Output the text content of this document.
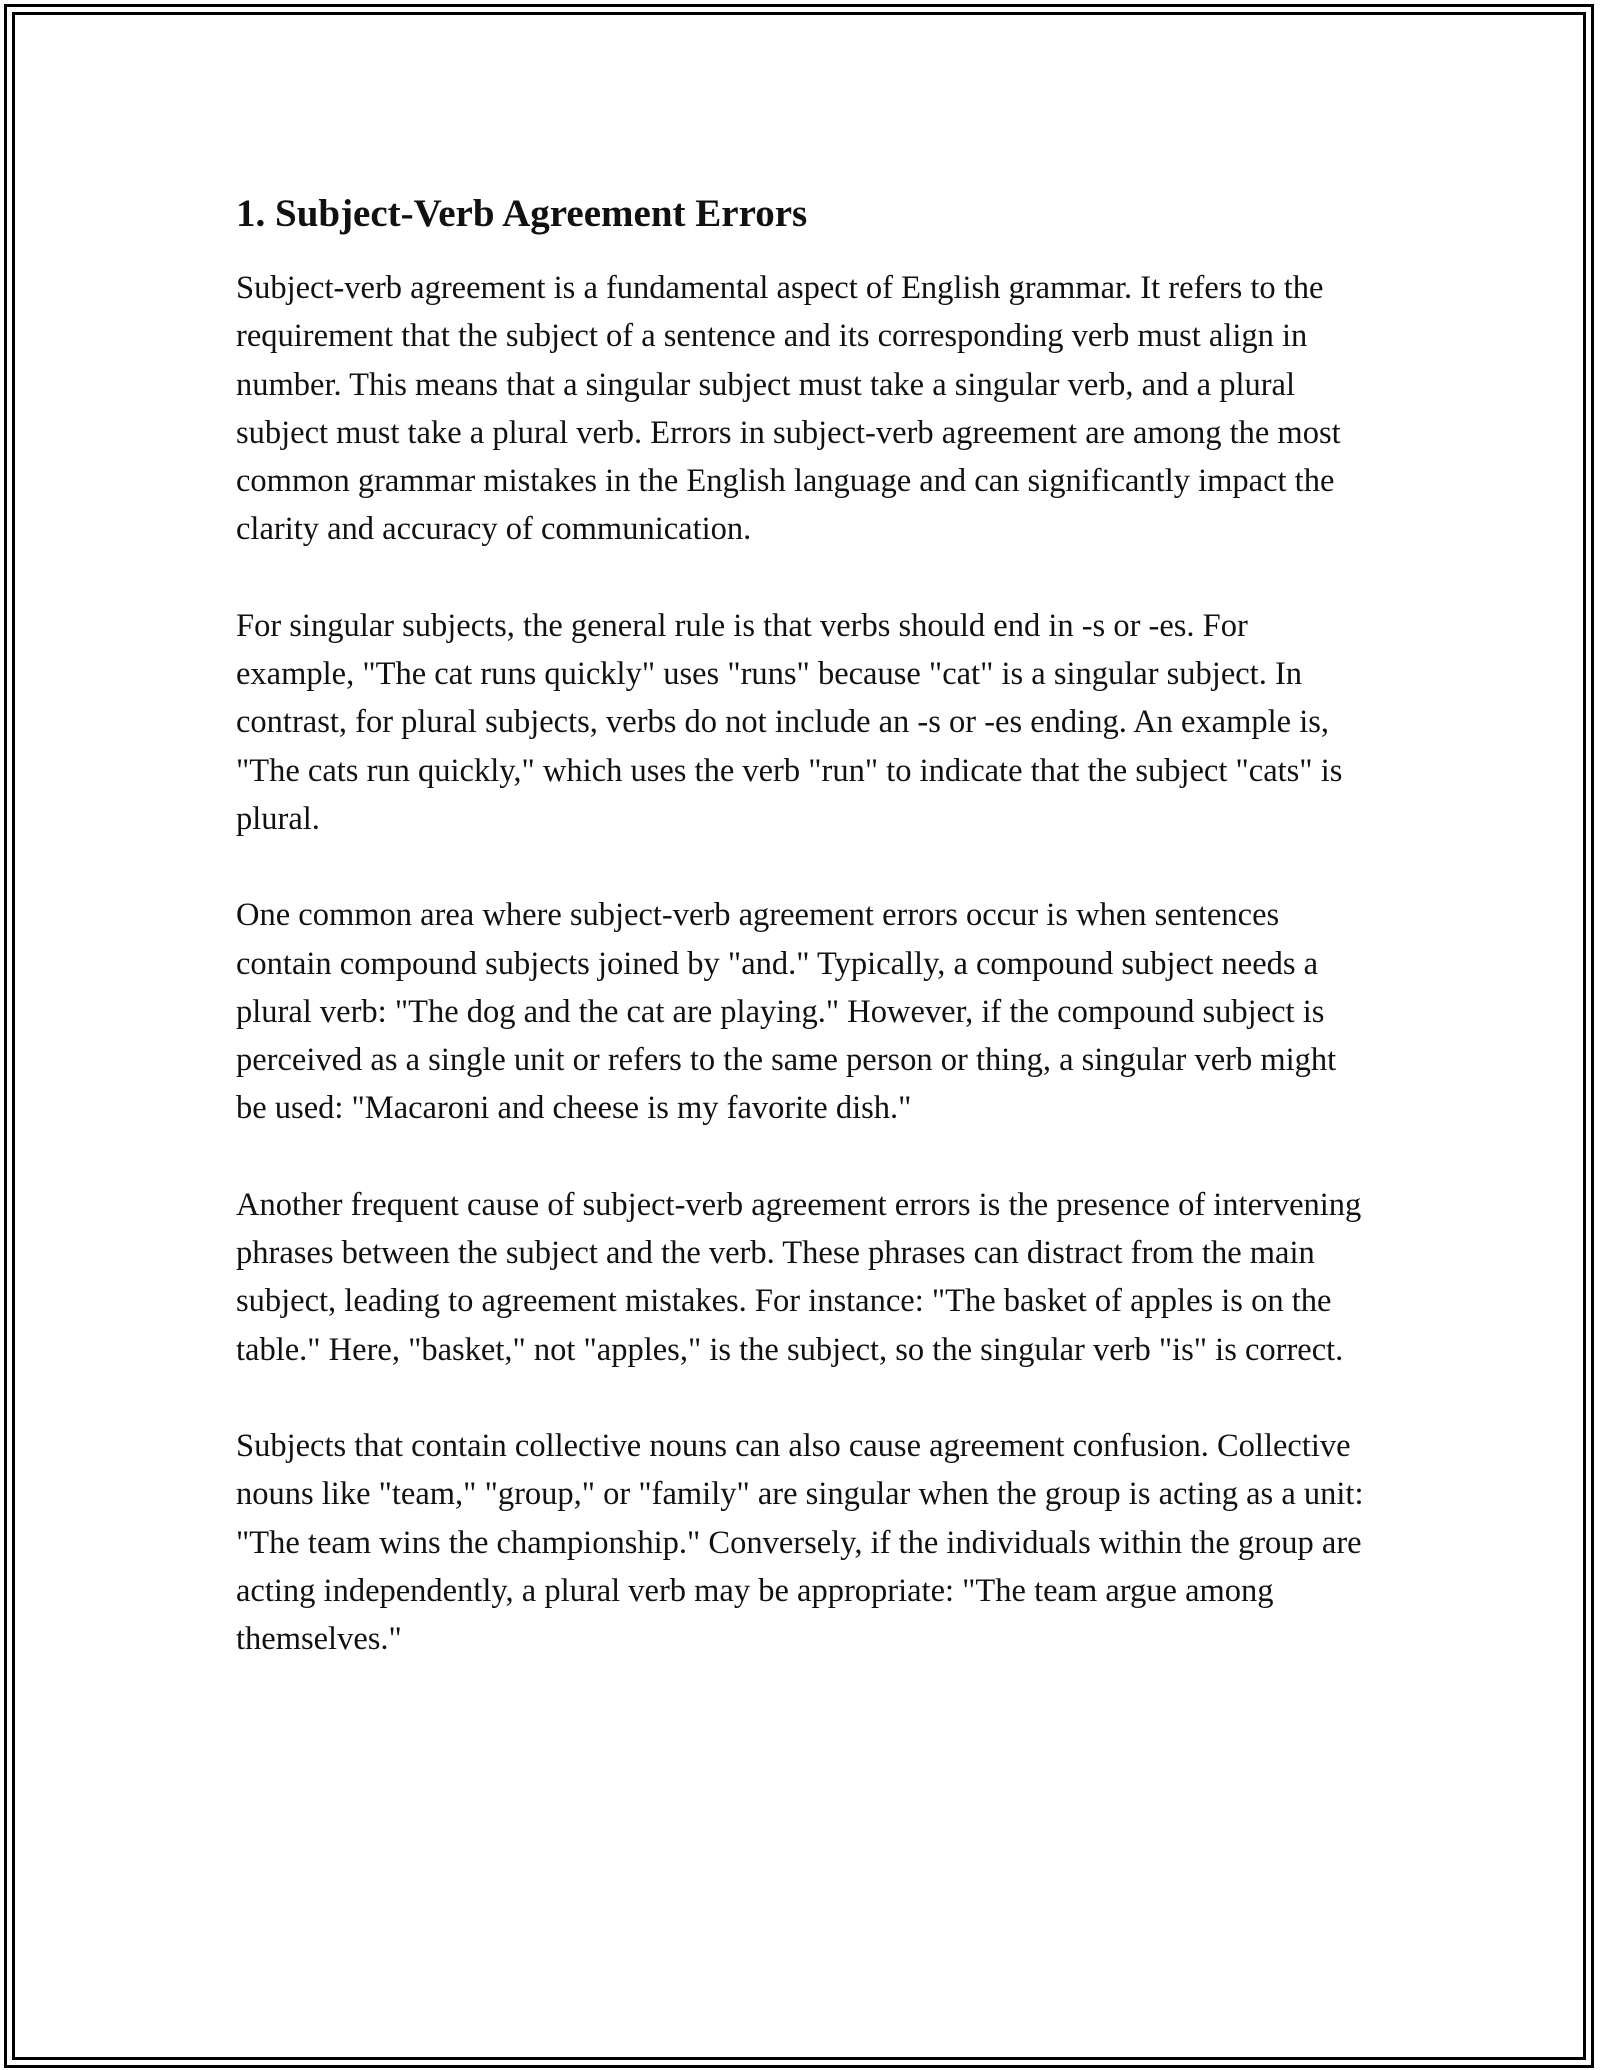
1. Subject-Verb Agreement Errors

Subject-verb agreement is a fundamental aspect of English grammar. It refers to the requirement that the subject of a sentence and its corresponding verb must align in number. This means that a singular subject must take a singular verb, and a plural subject must take a plural verb. Errors in subject-verb agreement are among the most common grammar mistakes in the English language and can significantly impact the clarity and accuracy of communication.

For singular subjects, the general rule is that verbs should end in -s or -es. For example, "The cat runs quickly" uses "runs" because "cat" is a singular subject. In contrast, for plural subjects, verbs do not include an -s or -es ending. An example is, "The cats run quickly," which uses the verb "run" to indicate that the subject "cats" is plural.

One common area where subject-verb agreement errors occur is when sentences contain compound subjects joined by "and." Typically, a compound subject needs a plural verb: "The dog and the cat are playing." However, if the compound subject is perceived as a single unit or refers to the same person or thing, a singular verb might be used: "Macaroni and cheese is my favorite dish."

Another frequent cause of subject-verb agreement errors is the presence of intervening phrases between the subject and the verb. These phrases can distract from the main subject, leading to agreement mistakes. For instance: "The basket of apples is on the table." Here, "basket," not "apples," is the subject, so the singular verb "is" is correct.

Subjects that contain collective nouns can also cause agreement confusion. Collective nouns like "team," "group," or "family" are singular when the group is acting as a unit: "The team wins the championship." Conversely, if the individuals within the group are acting independently, a plural verb may be appropriate: "The team argue among themselves."
